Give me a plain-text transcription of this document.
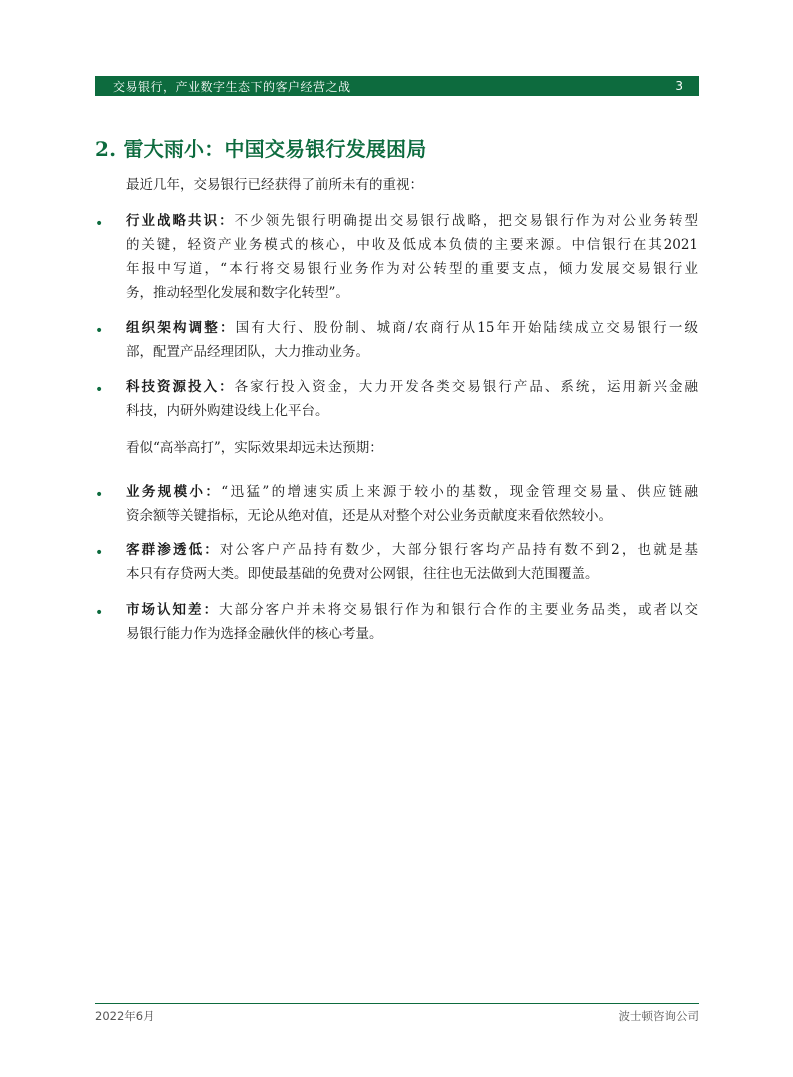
交易银行，产业数字生态下的客户经营之战	3
2. 雷大雨小：中国交易银行发展困局
最近几年，交易银行已经获得了前所未有的重视：
• 行业战略共识：不少领先银行明确提出交易银行战略，把交易银行作为对公业务转型
的关键，轻资产业务模式的核心，中收及低成本负债的主要来源。中信银行在其2021
年报中写道，“本行将交易银行业务作为对公转型的重要支点，倾力发展交易银行业
务，推动轻型化发展和数字化转型”。
• 组织架构调整：国有大行、股份制、城商/农商行从15年开始陆续成立交易银行一级
部，配置产品经理团队，大力推动业务。
• 科技资源投入：各家行投入资金，大力开发各类交易银行产品、系统，运用新兴金融
科技，内研外购建设线上化平台。
看似“高举高打”，实际效果却远未达预期：
• 业务规模小：“迅猛”的增速实质上来源于较小的基数，现金管理交易量、供应链融
资余额等关键指标，无论从绝对值，还是从对整个对公业务贡献度来看依然较小。
• 客群渗透低：对公客户产品持有数少，大部分银行客均产品持有数不到2，也就是基
本只有存贷两大类。即使最基础的免费对公网银，往往也无法做到大范围覆盖。
• 市场认知差：大部分客户并未将交易银行作为和银行合作的主要业务品类，或者以交
易银行能力作为选择金融伙伴的核心考量。
2022年6月	波士顿咨询公司
